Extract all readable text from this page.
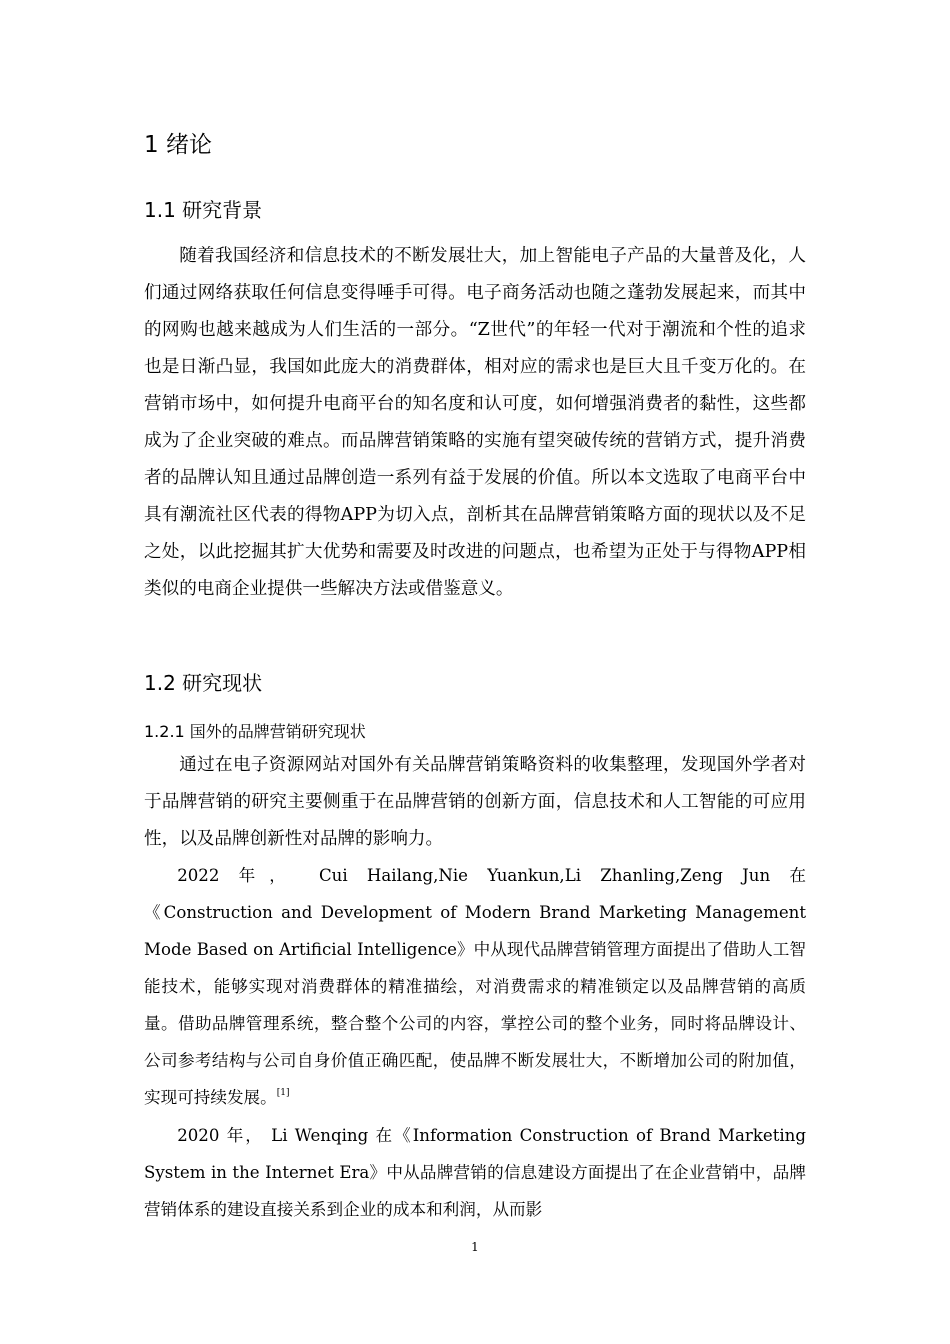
1 绪论
1.1 研究背景
随着我国经济和信息技术的不断发展壮大，加上智能电子产品的大量普及化，人们通过网络获取任何信息变得唾手可得。电子商务活动也随之蓬勃发展起来，而其中的网购也越来越成为人们生活的一部分。“Z世代”的年轻一代对于潮流和个性的追求也是日渐凸显，我国如此庞大的消费群体，相对应的需求也是巨大且千变万化的。在营销市场中，如何提升电商平台的知名度和认可度，如何增强消费者的黏性，这些都成为了企业突破的难点。而品牌营销策略的实施有望突破传统的营销方式，提升消费者的品牌认知且通过品牌创造一系列有益于发展的价值。所以本文选取了电商平台中具有潮流社区代表的得物APP为切入点，剖析其在品牌营销策略方面的现状以及不足之处，以此挖掘其扩大优势和需要及时改进的问题点，也希望为正处于与得物APP相类似的电商企业提供一些解决方法或借鉴意义。
1.2 研究现状
1.2.1 国外的品牌营销研究现状
通过在电子资源网站对国外有关品牌营销策略资料的收集整理，发现国外学者对于品牌营销的研究主要侧重于在品牌营销的创新方面，信息技术和人工智能的可应用性，以及品牌创新性对品牌的影响力。
2022 年， Cui Hailang,Nie Yuankun,Li Zhanling,Zeng Jun 在《Construction and Development of Modern Brand Marketing Management Mode Based on Artificial Intelligence》中从现代品牌营销管理方面提出了借助人工智能技术，能够实现对消费群体的精准描绘，对消费需求的精准锁定以及品牌营销的高质量。借助品牌管理系统，整合整个公司的内容，掌控公司的整个业务，同时将品牌设计、公司参考结构与公司自身价值正确匹配，使品牌不断发展壮大，不断增加公司的附加值，实现可持续发展。[1]
2020 年， Li Wenqing 在《Information Construction of Brand Marketing System in the Internet Era》中从品牌营销的信息建设方面提出了在企业营销中，品牌营销体系的建设直接关系到企业的成本和利润，从而影
1
